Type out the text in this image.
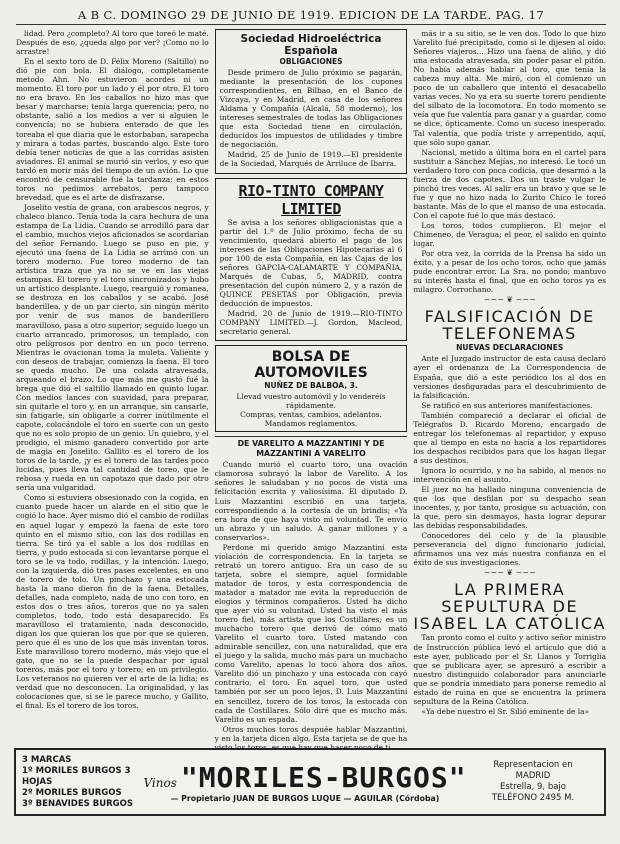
A B C. DOMINGO 29 DE JUNIO DE 1919. EDICION DE LA TARDE. PAG. 17

lidad. Pero ¿completo? Al toro que toreó le maté. Después de eso, ¿queda algo por ver? ¡Como no lo arrastre!

En el sexto toro de D. Félix Moreno (Saltillo) no dió pie con bola. El diálogo, completamente metodo Ahn. No estuvieron acordes ni un momento. El toro por un lado y él por otro. El toro no era bravo. En los caballos no hizo mas que besar y marcharse; tenía larga querencia; pero, no obstante, salió a los medios a ver si alguien le convencía; no se hubiera enterado de que les toreaba el que diaria que le estorbaban, sarapecha y mirara a todas partes, buscando algo. Este toro debía tener noticias de que a las corridas asisten aviadores. El animal se murió sin verlos, y eso que tardó en morir más del tiempo de un avión. Lo que encontró de censurable fué la tardanza; en estos toros no pedimos arrebatos, pero tampoco brevedad, que es el arte de disfrazarse.

Joselito vestía de grana, con arabescos negros, y chaleco blanco. Tenía toda la cara hechura de una estampa de La Lidia. Cuando se arrodilló para dar el cambio, muchos viejos aficionados se acordarían del señor Fernando. Luego se puso en pie, y ejecutó una faena de La Lidia se arrimó con un torero moderno. Fue toreo moderno de tan artística traza que ya no se ve en las viejas estampas. El torero y el toro sincronizados y hubo un artístico desplante. Luego, rearguió y romanea, se destroza en los caballos y se acabó. José banderillea, y de un par cierto, sin ningún mérito por venir de sus manos de banderillero maravilloso, pasa a otro superior; seguido luego un cuarto arrancado, primorosos, un templado, con otro pelígrosos por dentro en un poco terreno. Mientras le ovacionan toma la muleta. Valiente y con deseos de trabajar, comienza la faena. El toro se queda mucho. De una colada atravesada, arqueando el brazo. Lo que más me gustó fué la brega que dió el saltillo llamado en quinto lugar. Con medios lances con suavidad, para preparar, sin quitarle el toro y, en un arranque, sin cansarle, sin fatigarle, sin obligarle a correr inútilmente el capote, colocándole el toro en suerte con un gesto que no es solo propio de un genio. Un quiebro, y el prodigio, el mismo ganadero convertido por arte de magia en Joselito. Gallito es el torero de los toros de la tarde, ¡y es el torero de las tardes poco lucidas, pues lleva tal cantidad de toreo, que le rebosa y rueda en un capotazo que dado por otro sería una vulgaridad.

Como si estuviera obsesionado con la cogida, en cuanto puede hacer un alarde en el sitio que le cogió lo hace. Ayer mismo dió el cambio de rodillas en aquel lugar y empezó la faena de este toro quinto en el mismo sitio, con las dos rodillas en tierra. Se tiró ya el sable a los dos rodillas en tierra, y pudo estocada si con levantarse porque el toro se le va todo, rodillas, y la intención. Luego, con la izquierda, dió tres pases excelentes, en uno de torero de tolo. Un pinchazo y una estocada hasta la mano dieron fin de la faena. Detalles, detalles, nada completo, nada de uno con toro, en estos dos o tres años, toreros que no ya salen completos, todo, todo está desaparecido. Es maravilloso el tratamiento, nada desconocido, digan los que quieran los que por que se quieren, pero que él es uno de los que más inventan toros. Este maravilloso torero moderno, más viejo que el gato, que no se la puede despachar por igual toreros, más por el toro y torero; en un privilegio. Los veteranos no quieren ver el arte de la lidia; es verdad que no desconocen. La originalidad, y las colocaciones que, si se le parece mucho, y Gallito, el final. Es el torero de los toros.

Sociedad Hidroeléctrica Española
OBLIGACIONES

Desde primero de Julio próximo se pagarán, mediante la presentación de los cupones correspondientes, en Bilbao, en el Banco de Vizcaya, y en Madrid, en casa de los señores Aldama y Compañía (Alcalá, 58 moderno), los intereses semestrales de todas las Obligaciones que esta Sociedad tiene en circulación, deducidos los impuestos de utilidades y timbre de negociación.

Madrid, 25 de Junio de 1919.—El presidente de la Sociedad, Marqués de Arriluce de Ibarra.

RIO-TINTO COMPANY LIMITED

Se avisa a los señores obligacionistas que a partir del 1.º de Julio próximo, fecha de su vencimiento, quedará abierto el pago de los intereses de las Obligaciones Hipotecarias al 6 por 100 de esta Compañía, en las Cajas de los señores GAPCIA-CALAMARTE Y COMPAÑIA, Marqués de Cubas, 5, MADRID, contra presentación del cupón número 2, y a razón de QUINCE PESETAS por Obligación, previa deducción de impuestos.

Madrid, 20 de Junio de 1919.—RIO-TINTO COMPANY LIMITED.—J. Gordon, Macleod, secretario general.

BOLSA DE AUTOMOVILES
NUÑEZ DE BALBOA, 3.
Llevad vuestro automóvil y lo venderéis rápidamente.
Compras, ventas, cambios, adelantos. Mandamos reglamentos.
DE VARELITO A MAZZANTINI Y DE MAZZANTINI A VARELITO

Cuando murió el cuarto toro, una ovación clamorosa subrayó la labor de Varelito. A los señores le saludaban y no pocos de vista una felicitación escrita y valiosísima. El diputado D. Luis Mazzantini escribió en una tarjeta, correspondiendo a la cortesía de un brindis; «Ya era hora de que haya visto mi voluntad. Te envío un abrazo y un saludo. A ganar millones y a conservarlos».

Perdone mi querido amigo Mazzantini esta violación de correspondencia. En la tarjeta se retrató un torero antiguo. Era un caso de su tarjeta, sobre el siempre, aquel formidable matador de toros, y esta correspondencia de matador a matador me evita la reproducción de elogios y términos compañeros. Usted ha dicho que ayer vió su voluntad. Usted ha visto el más torero fiel, más artista que los Costillares; es un muchacho torero que derivó de cómo mató Varelito el cuarto toro. Usted matando con admirable sencillez, con una naturalidad, que era el juego y la salida, mucho más para un muchacho como Varelito, apenas lo tocó ahora dos años. Varelito dió un pinchazo y una estocada con cayó contrario, el toro. En aquel toro, que usted también por ser un poco lejos, D. Luis Mazzantini en sencillez, torero de los toros, la estocada con cada de Costillares. Sólo diré que es mucho más. Varelito es un espada.

Otros muchos toros despuée hablar Mazzantini, y en la tarjeta dicen algo. Esta tarjeta se de que ha

más ir a su sitio, se le ven dos. Todo lo que hizo Varelito fué precipitado, como si le dijesen al oído: Señores viajeros... Hizo una faena de aliño, y dió una estocada atravesada, sin poder pasar el pitón. No había además hablar al toro, que tenía la cabeza muy alta. Me miró, con el comienzo un poco de un caballero que intentó el desacabello varias veces. No ya era su suerte torero pendiente del silbato de la locomotora. En todo momento se veía que fue valentía para ganar y a guardar, como se dice, ópticamente. Como un suceso inesperado. Tal valentía, que podía triste y arrepentido, aquí, que sólo supo ganar.

Nacional, metido a última hora en el cartel para sustituir a Sánchez Mejías, no interesó. Le tocó un verdadero toro con poca codicia, que desarmó a la fuerza de dos capotes. Dos un traste vulgar le pinchó tres veces. Al salir era un bravo y que se le fue y que no hizo nada lo Zurito Chico le toreó bastante. Más de lo que el manso de una estocada. Con el capote fué lo que más destacó.

Los toros, todos cumplieron. El mejor el Chimeneo, de Veragua; el peor, el salido en quinto lugar.

Por otra vez, la corrida de la Prensa ha sido un éxito, y a pesar de los ocho toros, ocho que jamás pude encontrar error. La Sra. no pondo; mantuvo su interés hasta el final, que en ocho toros ya es milagro. Corrochano.

~~~ ❦ ~~~
FALSIFICACIÓN DE TELEFONEMAS
NUEVAS DECLARACIONES

Ante el Juzgado instructor de esta causa declaró ayer el ordenanza de La Correspondencia de España, que dió a este periódico los al dos en versiones desfiguradas para el descubrimiento de la falsificación.

Se ratificó en sus anteriores manifestaciones.

También compareció a declarar el oficial de Telégrafos D. Ricardo Moreno, encargado de entregar los telefonemas al repartidor, y expuso que al tiempo en esta no hacía a los repartidores los despachos recibidos para que los hagan llegar a sus destinos.

Ignora lo ocurrido, y no ha sabido, al menos no intervención en el asunto.

El juez no ha hallado ninguna conveniencia de que los que desfilan por su despacho sean inocentes, y, por tanto, prosigue su actuación, con la que, pero sin desmayos, hasta lograr depurar las debidas responsabilidades.

Conocedores del celo y de la plausible perseverancia del digno funcionario judicial, afirmamos una vez más nuestra confianza en el éxito de sus investigaciones.

~~~ ❦ ~~~
LA PRIMERA SEPULTURA DE ISABEL LA CATÓLICA

Tan pronto como el culto y activo señor ministro de Instrucción pública levó el artículo que dió a este ayer, publicado por el Sr. Llanos y Torriglia que se publicara ayer, se apresuró a escribir a nuestro distinguido colaborador para anunciarle que se pondría inmediato para ponerse remedio al estado de ruina en que se encuentra la primera sepultura de la Reina Católica.

«Ya debe nuestro el Sr. Silió eminente de la»

3 MARCAS
1º MORILES BURGOS 3 HOJAS
2º MORILES BURGOS
3º BENAVIDES BURGOS
Vinos "MORILES-BURGOS"
— Propietario JUAN DE BURGOS LUQUE — AGUILAR (Córdoba)
Representacion en
MADRID
Estrella, 9, bajo
TELÉFONO 2495 M.
